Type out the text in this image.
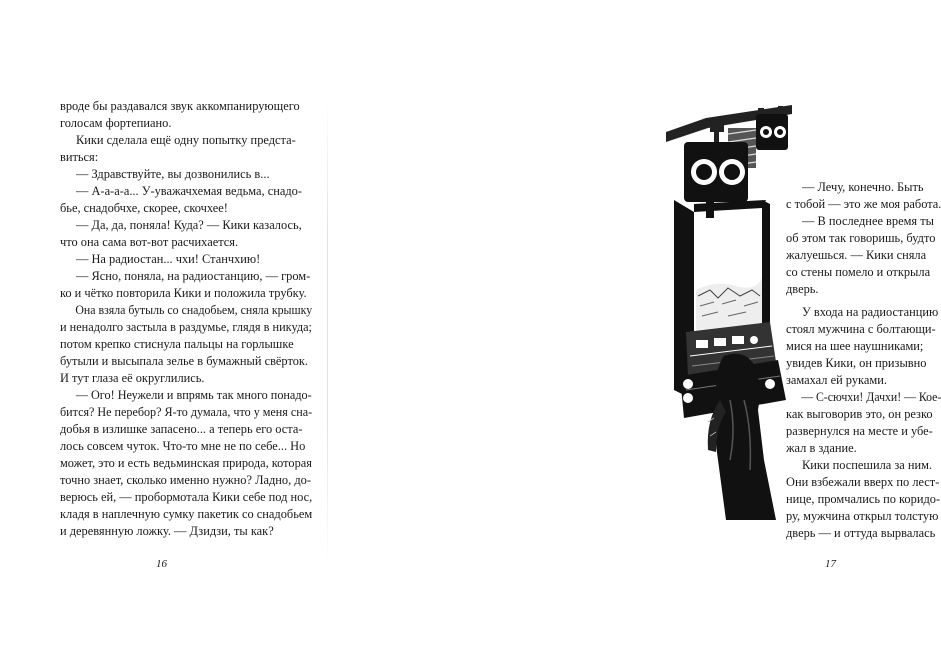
вроде бы раздавался звук аккомпанирующего
голосам фортепиано.
Кики сделала ещё одну попытку предста-
виться:
— Здравствуйте, вы дозвонились в...
— А-а-а-а... У-уважачхемая ведьма, снадо-
бье, снадобчхе, скорее, скочхее!
— Да, да, поняла! Куда? — Кики казалось,
что она сама вот-вот расчихается.
— На радиостан... чхи! Станчхию!
— Ясно, поняла, на радиостанцию, — гром-
ко и чётко повторила Кики и положила трубку.
Она взяла бутыль со снадобьем, сняла крышку
и ненадолго застыла в раздумье, глядя в никуда;
потом крепко стиснула пальцы на горлышке
бутыли и высыпала зелье в бумажный свёрток.
И тут глаза её округлились.
— Ого! Неужели и впрямь так много понадо-
бится? Не перебор? Я-то думала, что у меня сна-
добья в излишке запасено... а теперь его оста-
лось совсем чуток. Что-то мне не по себе... Но
может, это и есть ведьминская природа, которая
точно знает, сколько именно нужно? Ладно, до-
верюсь ей, — пробормотала Кики себе под нос,
кладя в наплечную сумку пакетик со снадобьем
и деревянную ложку. — Дзидзи, ты как?
16
— Лечу, конечно. Быть
с тобой — это же моя работа.
— В последнее время ты
об этом так говоришь, будто
жалуешься. — Кики сняла
со стены помело и открыла
дверь.
У входа на радиостанцию
стоял мужчина с болтающи-
мися на шее наушниками;
увидев Кики, он призывно
замахал ей руками.
— С-сючхи! Дачхи! — Кое-
как выговорив это, он резко
развернулся на месте и убе-
жал в здание.
Кики поспешила за ним.
Они взбежали вверх по лест-
нице, промчались по коридо-
ру, мужчина открыл толстую
дверь — и оттуда вырвалась
17
